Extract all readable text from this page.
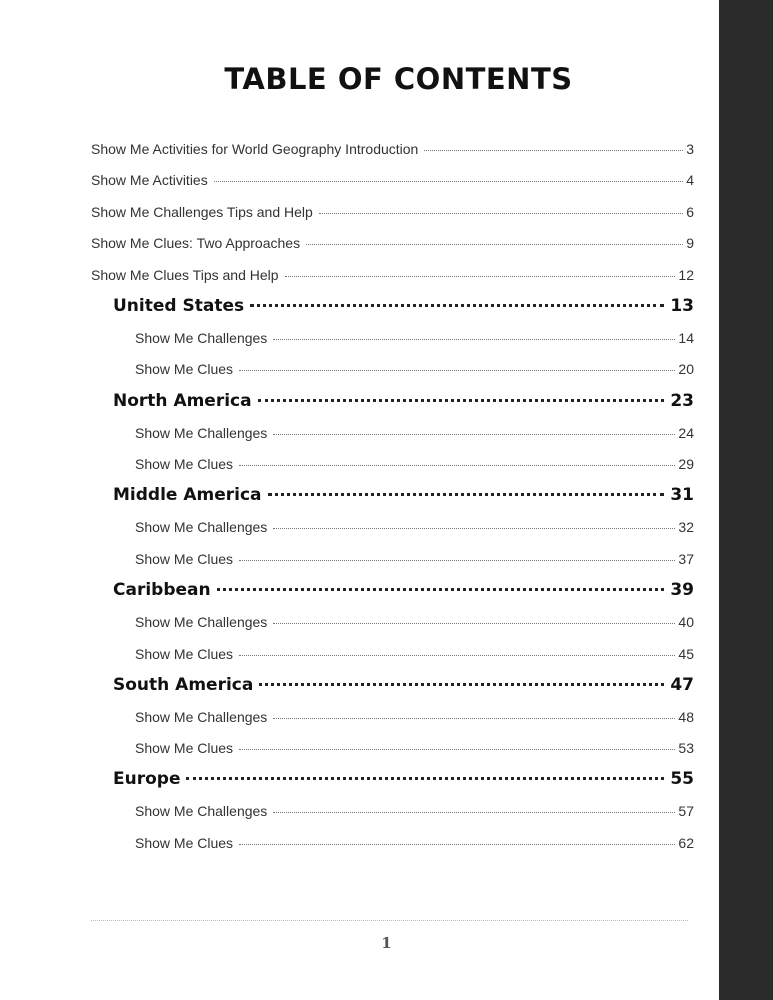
TABLE OF CONTENTS
Show Me Activities for World Geography Introduction	3
Show Me Activities	4
Show Me Challenges Tips and Help	6
Show Me Clues: Two Approaches	9
Show Me Clues Tips and Help	12
United States	13
Show Me Challenges	14
Show Me Clues	20
North America	23
Show Me Challenges	24
Show Me Clues	29
Middle America	31
Show Me Challenges	32
Show Me Clues	37
Caribbean	39
Show Me Challenges	40
Show Me Clues	45
South America	47
Show Me Challenges	48
Show Me Clues	53
Europe	55
Show Me Challenges	57
Show Me Clues	62
1
